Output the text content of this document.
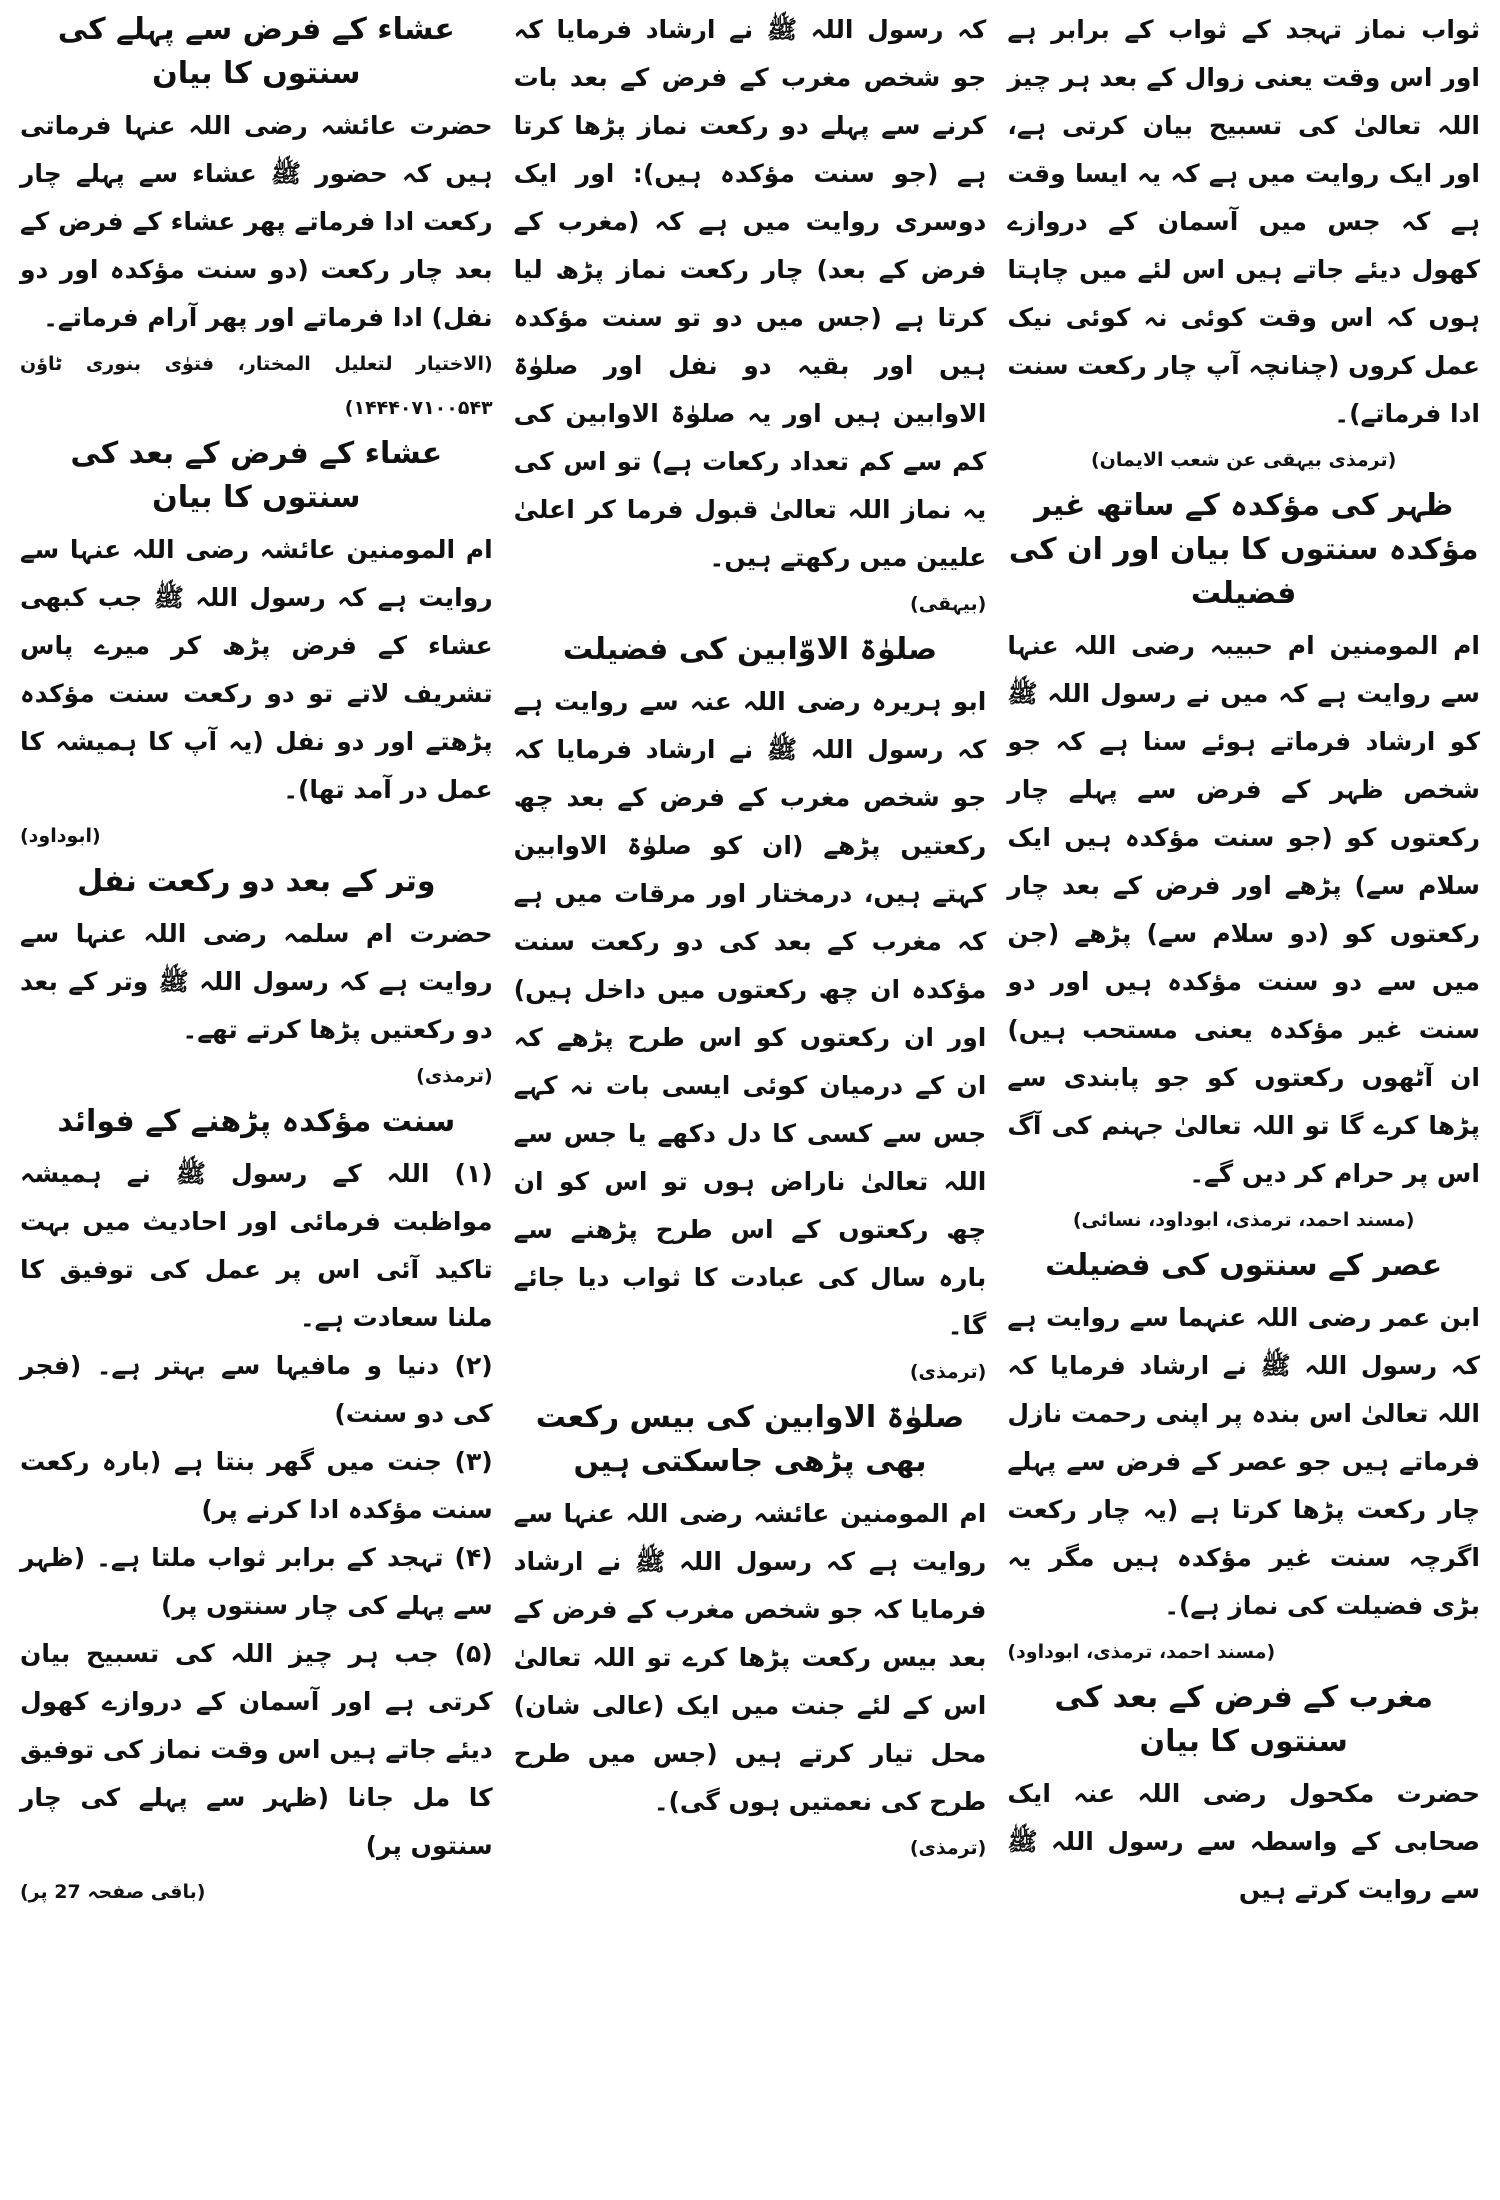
ثواب نماز تہجد کے ثواب کے برابر ہے اور اس وقت یعنی زوال کے بعد ہر چیز اللہ تعالیٰ کی تسبیح بیان کرتی ہے، اور ایک روایت میں ہے کہ یہ ایسا وقت ہے کہ جس میں آسمان کے دروازے کھول دیئے جاتے ہیں اس لئے میں چاہتا ہوں کہ اس وقت کوئی نہ کوئی نیک عمل کروں (چنانچہ آپ چار رکعت سنت ادا فرماتے)۔

(ترمذی بیہقی عن شعب الایمان)

ظہر کی مؤکدہ کے ساتھ غیر مؤکدہ سنتوں کا بیان اور ان کی فضیلت

ام المومنین ام حبیبہ رضی اللہ عنہا سے روایت ہے کہ میں نے رسول اللہ ﷺ کو ارشاد فرماتے ہوئے سنا ہے کہ جو شخص ظہر کے فرض سے پہلے چار رکعتوں کو (جو سنت مؤکدہ ہیں ایک سلام سے) پڑھے اور فرض کے بعد چار رکعتوں کو (دو سلام سے) پڑھے (جن میں سے دو سنت مؤکدہ ہیں اور دو سنت غیر مؤکدہ یعنی مستحب ہیں) ان آٹھوں رکعتوں کو جو پابندی سے پڑھا کرے گا تو اللہ تعالیٰ جہنم کی آگ اس پر حرام کر دیں گے۔

(مسند احمد، ترمذی، ابوداود، نسائی)

عصر کے سنتوں کی فضیلت

ابن عمر رضی اللہ عنہما سے روایت ہے کہ رسول اللہ ﷺ نے ارشاد فرمایا کہ اللہ تعالیٰ اس بندہ پر اپنی رحمت نازل فرماتے ہیں جو عصر کے فرض سے پہلے چار رکعت پڑھا کرتا ہے (یہ چار رکعت اگرچہ سنت غیر مؤکدہ ہیں مگر یہ بڑی فضیلت کی نماز ہے)۔

(مسند احمد، ترمذی، ابوداود)

مغرب کے فرض کے بعد کی سنتوں کا بیان

حضرت مکحول رضی اللہ عنہ ایک صحابی کے واسطہ سے رسول اللہ ﷺ سے روایت کرتے ہیں

کہ رسول اللہ ﷺ نے ارشاد فرمایا کہ جو شخص مغرب کے فرض کے بعد بات کرنے سے پہلے دو رکعت نماز پڑھا کرتا ہے (جو سنت مؤکدہ ہیں): اور ایک دوسری روایت میں ہے کہ (مغرب کے فرض کے بعد) چار رکعت نماز پڑھ لیا کرتا ہے (جس میں دو تو سنت مؤکدہ ہیں اور بقیہ دو نفل اور صلوٰۃ الاوابین ہیں اور یہ صلوٰۃ الاوابین کی کم سے کم تعداد رکعات ہے) تو اس کی یہ نماز اللہ تعالیٰ قبول فرما کر اعلیٰ علیین میں رکھتے ہیں۔

(بیہقی)

صلوٰۃ الاوّابین کی فضیلت

ابو ہریرہ رضی اللہ عنہ سے روایت ہے کہ رسول اللہ ﷺ نے ارشاد فرمایا کہ جو شخص مغرب کے فرض کے بعد چھ رکعتیں پڑھے (ان کو صلوٰۃ الاوابین کہتے ہیں، درمختار اور مرقات میں ہے کہ مغرب کے بعد کی دو رکعت سنت مؤکدہ ان چھ رکعتوں میں داخل ہیں) اور ان رکعتوں کو اس طرح پڑھے کہ ان کے درمیان کوئی ایسی بات نہ کہے جس سے کسی کا دل دکھے یا جس سے اللہ تعالیٰ ناراض ہوں تو اس کو ان چھ رکعتوں کے اس طرح پڑھنے سے بارہ سال کی عبادت کا ثواب دیا جائے گا۔

(ترمذی)

صلوٰۃ الاوابین کی بیس رکعت بھی پڑھی جاسکتی ہیں

ام المومنین عائشہ رضی اللہ عنہا سے روایت ہے کہ رسول اللہ ﷺ نے ارشاد فرمایا کہ جو شخص مغرب کے فرض کے بعد بیس رکعت پڑھا کرے تو اللہ تعالیٰ اس کے لئے جنت میں ایک (عالی شان) محل تیار کرتے ہیں (جس میں طرح طرح کی نعمتیں ہوں گی)۔

(ترمذی)

عشاء کے فرض سے پہلے کی سنتوں کا بیان

حضرت عائشہ رضی اللہ عنہا فرماتی ہیں کہ حضور ﷺ عشاء سے پہلے چار رکعت ادا فرماتے پھر عشاء کے فرض کے بعد چار رکعت (دو سنت مؤکدہ اور دو نفل) ادا فرماتے اور پھر آرام فرماتے۔

(الاختیار لتعلیل المختار، فتوٰی بنوری ٹاؤن ۱۴۴۴۰۷۱۰۰۵۴۳)

عشاء کے فرض کے بعد کی سنتوں کا بیان

ام المومنین عائشہ رضی اللہ عنہا سے روایت ہے کہ رسول اللہ ﷺ جب کبھی عشاء کے فرض پڑھ کر میرے پاس تشریف لاتے تو دو رکعت سنت مؤکدہ پڑھتے اور دو نفل (یہ آپ کا ہمیشہ کا عمل در آمد تھا)۔

(ابوداود)

وتر کے بعد دو رکعت نفل

حضرت ام سلمہ رضی اللہ عنہا سے روایت ہے کہ رسول اللہ ﷺ وتر کے بعد دو رکعتیں پڑھا کرتے تھے۔

(ترمذی)

سنت مؤکدہ پڑھنے کے فوائد

(۱) اللہ کے رسول ﷺ نے ہمیشہ مواظبت فرمائی اور احادیث میں بہت تاکید آئی اس پر عمل کی توفیق کا ملنا سعادت ہے۔

(۲) دنیا و مافیہا سے بہتر ہے۔ (فجر کی دو سنت)

(۳) جنت میں گھر بنتا ہے (بارہ رکعت سنت مؤکدہ ادا کرنے پر)

(۴) تہجد کے برابر ثواب ملتا ہے۔ (ظہر سے پہلے کی چار سنتوں پر)

(۵) جب ہر چیز اللہ کی تسبیح بیان کرتی ہے اور آسمان کے دروازے کھول دیئے جاتے ہیں اس وقت نماز کی توفیق کا مل جانا (ظہر سے پہلے کی چار سنتوں پر)

(باقی صفحہ 27 پر)
